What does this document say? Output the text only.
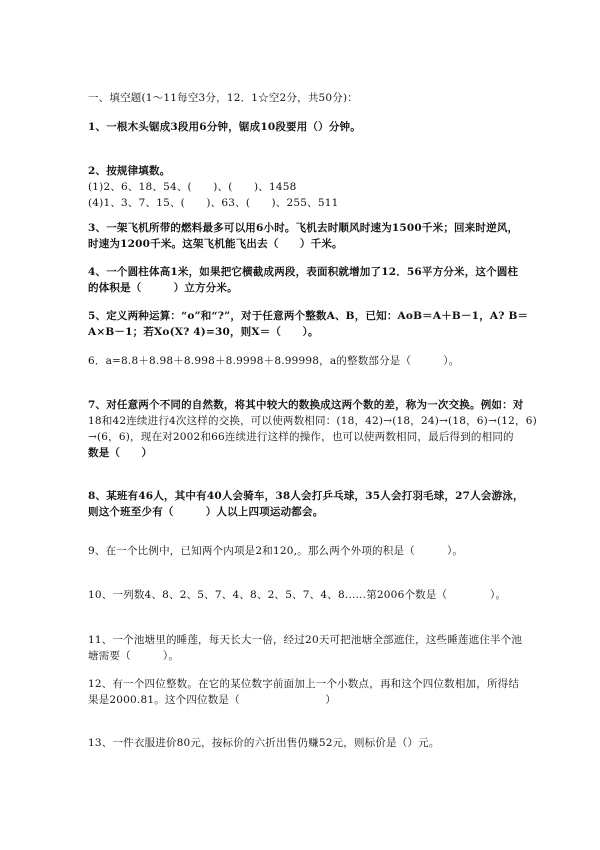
一、填空题(1～11每空3分，12．1☆空2分，共50分)：
1、一根木头锯成3段用6分钟，锯成10段要用（）分钟。
2、按规律填数。
(1)2、6、18、54、(　　)、(　　)、1458
(4)1、3、7、15、(　　)、63、(　　)、255、511
3、一架飞机所带的燃料最多可以用6小时。飞机去时顺风时速为1500千米；回来时逆风，
时速为1200千米。这架飞机能飞出去（　　）千米。
4、一个圆柱体高1米，如果把它横截成两段，表面积就增加了12．56平方分米，这个圆柱
的体积是（　　　）立方分米。
5、定义两种运算：“o”和“?”，对于任意两个整数A、B，已知：AoB＝A＋B－1，A? B＝
A×B－1；若Xo(X? 4)=30，则X＝（　　）。
6．a=8.8＋8.98＋8.998＋8.9998＋8.99998，a的整数部分是（　　　）。
7、对任意两个不同的自然数，将其中较大的数换成这两个数的差，称为一次交换。例如：对
18和42连续进行4次这样的交换，可以使两数相同：(18，42)→(18，24)→(18，6)→(12，6)
→(6，6)，现在对2002和66连续进行这样的操作，也可以使两数相同，最后得到的相同的
数是（　　）
8、某班有46人，其中有40人会骑车，38人会打乒乓球，35人会打羽毛球，27人会游泳，
则这个班至少有（　　　）人以上四项运动都会。
9、在一个比例中，已知两个内项是2和120,。那么两个外项的积是（　　　）。
10、一列数4、8、2、5、7、4、8、2、5、7、4、8……第2006个数是（　　　　）。
11、一个池塘里的睡莲，每天长大一倍，经过20天可把池塘全部遮住，这些睡莲遮住半个池
塘需要（　　　）。
12、有一个四位整数。在它的某位数字前面加上一个小数点，再和这个四位数相加，所得结
果是2000.81。这个四位数是（　　　　　　　　）
13、一件衣服进价80元，按标价的六折出售仍赚52元，则标价是（）元。
